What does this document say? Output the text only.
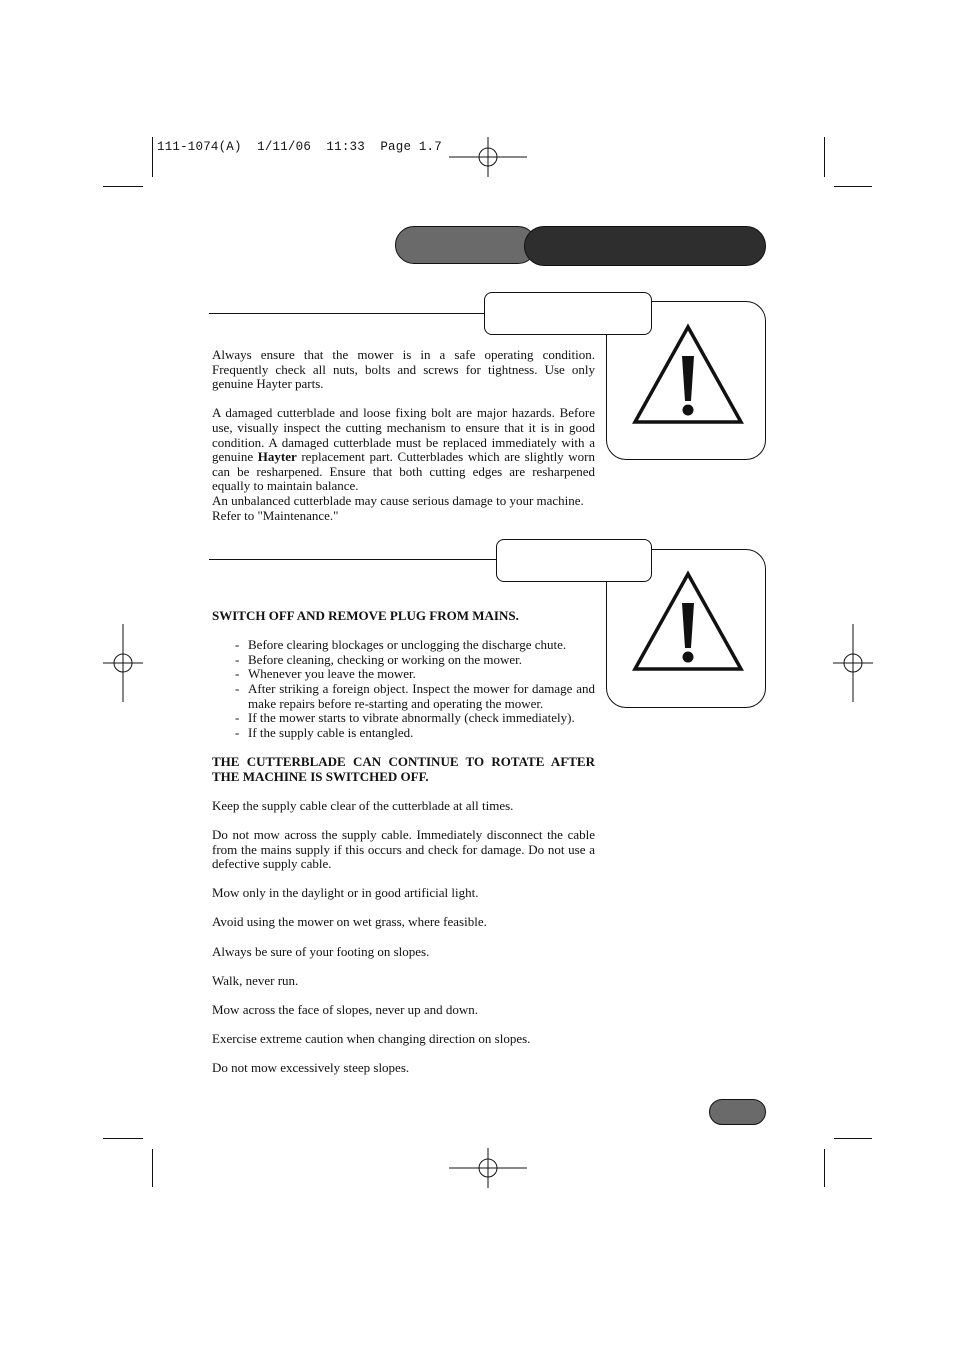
111-1074(A)  1/11/06  11:33  Page 1.7

Always ensure that the mower is in a safe operating condition. Frequently check all nuts, bolts and screws for tightness. Use only genuine Hayter parts.

A damaged cutterblade and loose fixing bolt are major hazards. Before use, visually inspect the cutting mechanism to ensure that it is in good condition. A damaged cutterblade must be replaced immediately with a genuine Hayter replacement part. Cutterblades which are slightly worn can be resharpened. Ensure that both cutting edges are resharpened equally to maintain balance.

An unbalanced cutterblade may cause serious damage to your machine.

Refer to "Maintenance."

SWITCH OFF AND REMOVE PLUG FROM MAINS.

- Before clearing blockages or unclogging the discharge chute.
- Before cleaning, checking or working on the mower.
- Whenever you leave the mower.
- After striking a foreign object. Inspect the mower for damage and make repairs before re-starting and operating the mower.
- If the mower starts to vibrate abnormally (check immediately).
- If the supply cable is entangled.

THE CUTTERBLADE CAN CONTINUE TO ROTATE AFTER THE MACHINE IS SWITCHED OFF.

Keep the supply cable clear of the cutterblade at all times.

Do not mow across the supply cable. Immediately disconnect the cable from the mains supply if this occurs and check for damage. Do not use a defective supply cable.

Mow only in the daylight or in good artificial light.

Avoid using the mower on wet grass, where feasible.

Always be sure of your footing on slopes.

Walk, never run.

Mow across the face of slopes, never up and down.

Exercise extreme caution when changing direction on slopes.

Do not mow excessively steep slopes.
